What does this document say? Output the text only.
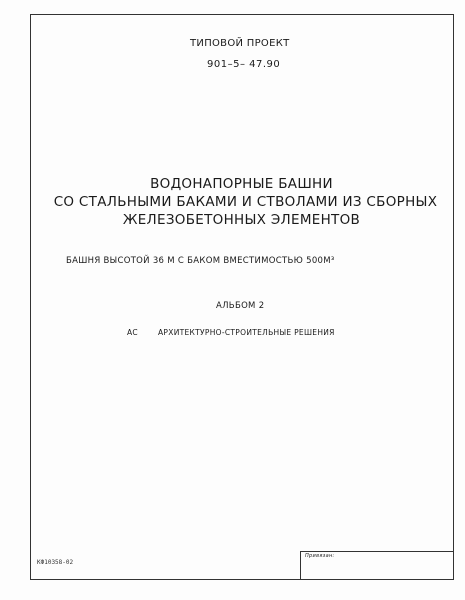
ТИПОВОЙ ПРОЕКТ
901–5– 47.90
ВОДОНАПОРНЫЕ БАШНИ
СО СТАЛЬНЫМИ БАКАМИ И СТВОЛАМИ ИЗ СБОРНЫХ
ЖЕЛЕЗОБЕТОННЫХ ЭЛЕМЕНТОВ
БАШНЯ ВЫСОТОЙ 36 М С БАКОМ ВМЕСТИМОСТЬЮ 500М³
АЛЬБОМ 2
АС	АРХИТЕКТУРНО-СТРОИТЕЛЬНЫЕ РЕШЕНИЯ
Привязан:
КФ10358-02
